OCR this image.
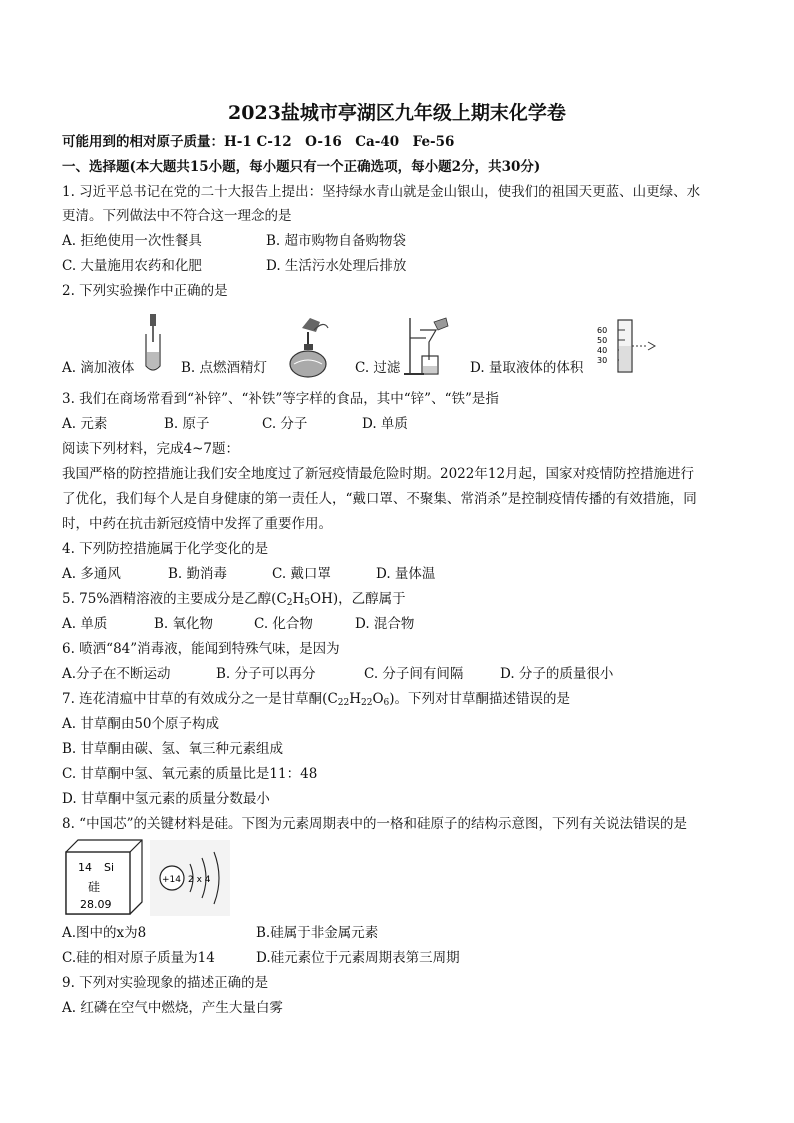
2023盐城市亭湖区九年级上期末化学卷
可能用到的相对原子质量：H-1 C-12　O-16　Ca-40　Fe-56
一、选择题(本大题共15小题，每小题只有一个正确选项，每小题2分，共30分)
1. 习近平总书记在党的二十大报告上提出：坚持绿水青山就是金山银山，使我们的祖国天更蓝、山更绿、水
更清。下列做法中不符合这一理念的是
A. 拒绝使用一次性餐具	B. 超市购物自备购物袋
C. 大量施用农药和化肥	D. 生活污水处理后排放
2. 下列实验操作中正确的是
A. 滴加液体	B. 点燃酒精灯	C. 过滤
60
50
40
30
D. 量取液体的体积
3. 我们在商场常看到“补锌”、“补铁”等字样的食品，其中“锌”、“铁”是指
A. 元素	B. 原子	C. 分子	D. 单质
阅读下列材料，完成4~7题：
我国严格的防控措施让我们安全地度过了新冠疫情最危险时期。2022年12月起，国家对疫情防控措施进行
了优化，我们每个人是自身健康的第一责任人，“戴口罩、不聚集、常消杀”是控制疫情传播的有效措施，同
时，中药在抗击新冠疫情中发挥了重要作用。
4. 下列防控措施属于化学变化的是
A. 多通风	B. 勤消毒	C. 戴口罩	D. 量体温
5. 75%酒精溶液的主要成分是乙醇$(C_2H_5OH)$，乙醇属于
A. 单质	B. 氧化物	C. 化合物	D. 混合物
6. 喷洒“84”消毒液，能闻到特殊气味，是因为
A.分子在不断运动	B. 分子可以再分	C. 分子间有间隔	D. 分子的质量很小
7. 连花清瘟中甘草的有效成分之一是甘草酮$(C_{22}H_{22}O_6)$。下列对甘草酮描述错误的是
A. 甘草酮由50个原子构成
B. 甘草酮由碳、氢、氧三种元素组成
C. 甘草酮中氢、氧元素的质量比是11：48
D. 甘草酮中氢元素的质量分数最小
8. “中国芯”的关键材料是硅。下图为元素周期表中的一格和硅原子的结构示意图，下列有关说法错误的是
14 Si
硅
28.09
+14 2 x 4
A.图中的x为8	B.硅属于非金属元素
C.硅的相对原子质量为14	D.硅元素位于元素周期表第三周期
9. 下列对实验现象的描述正确的是
A. 红磷在空气中燃烧，产生大量白雾
